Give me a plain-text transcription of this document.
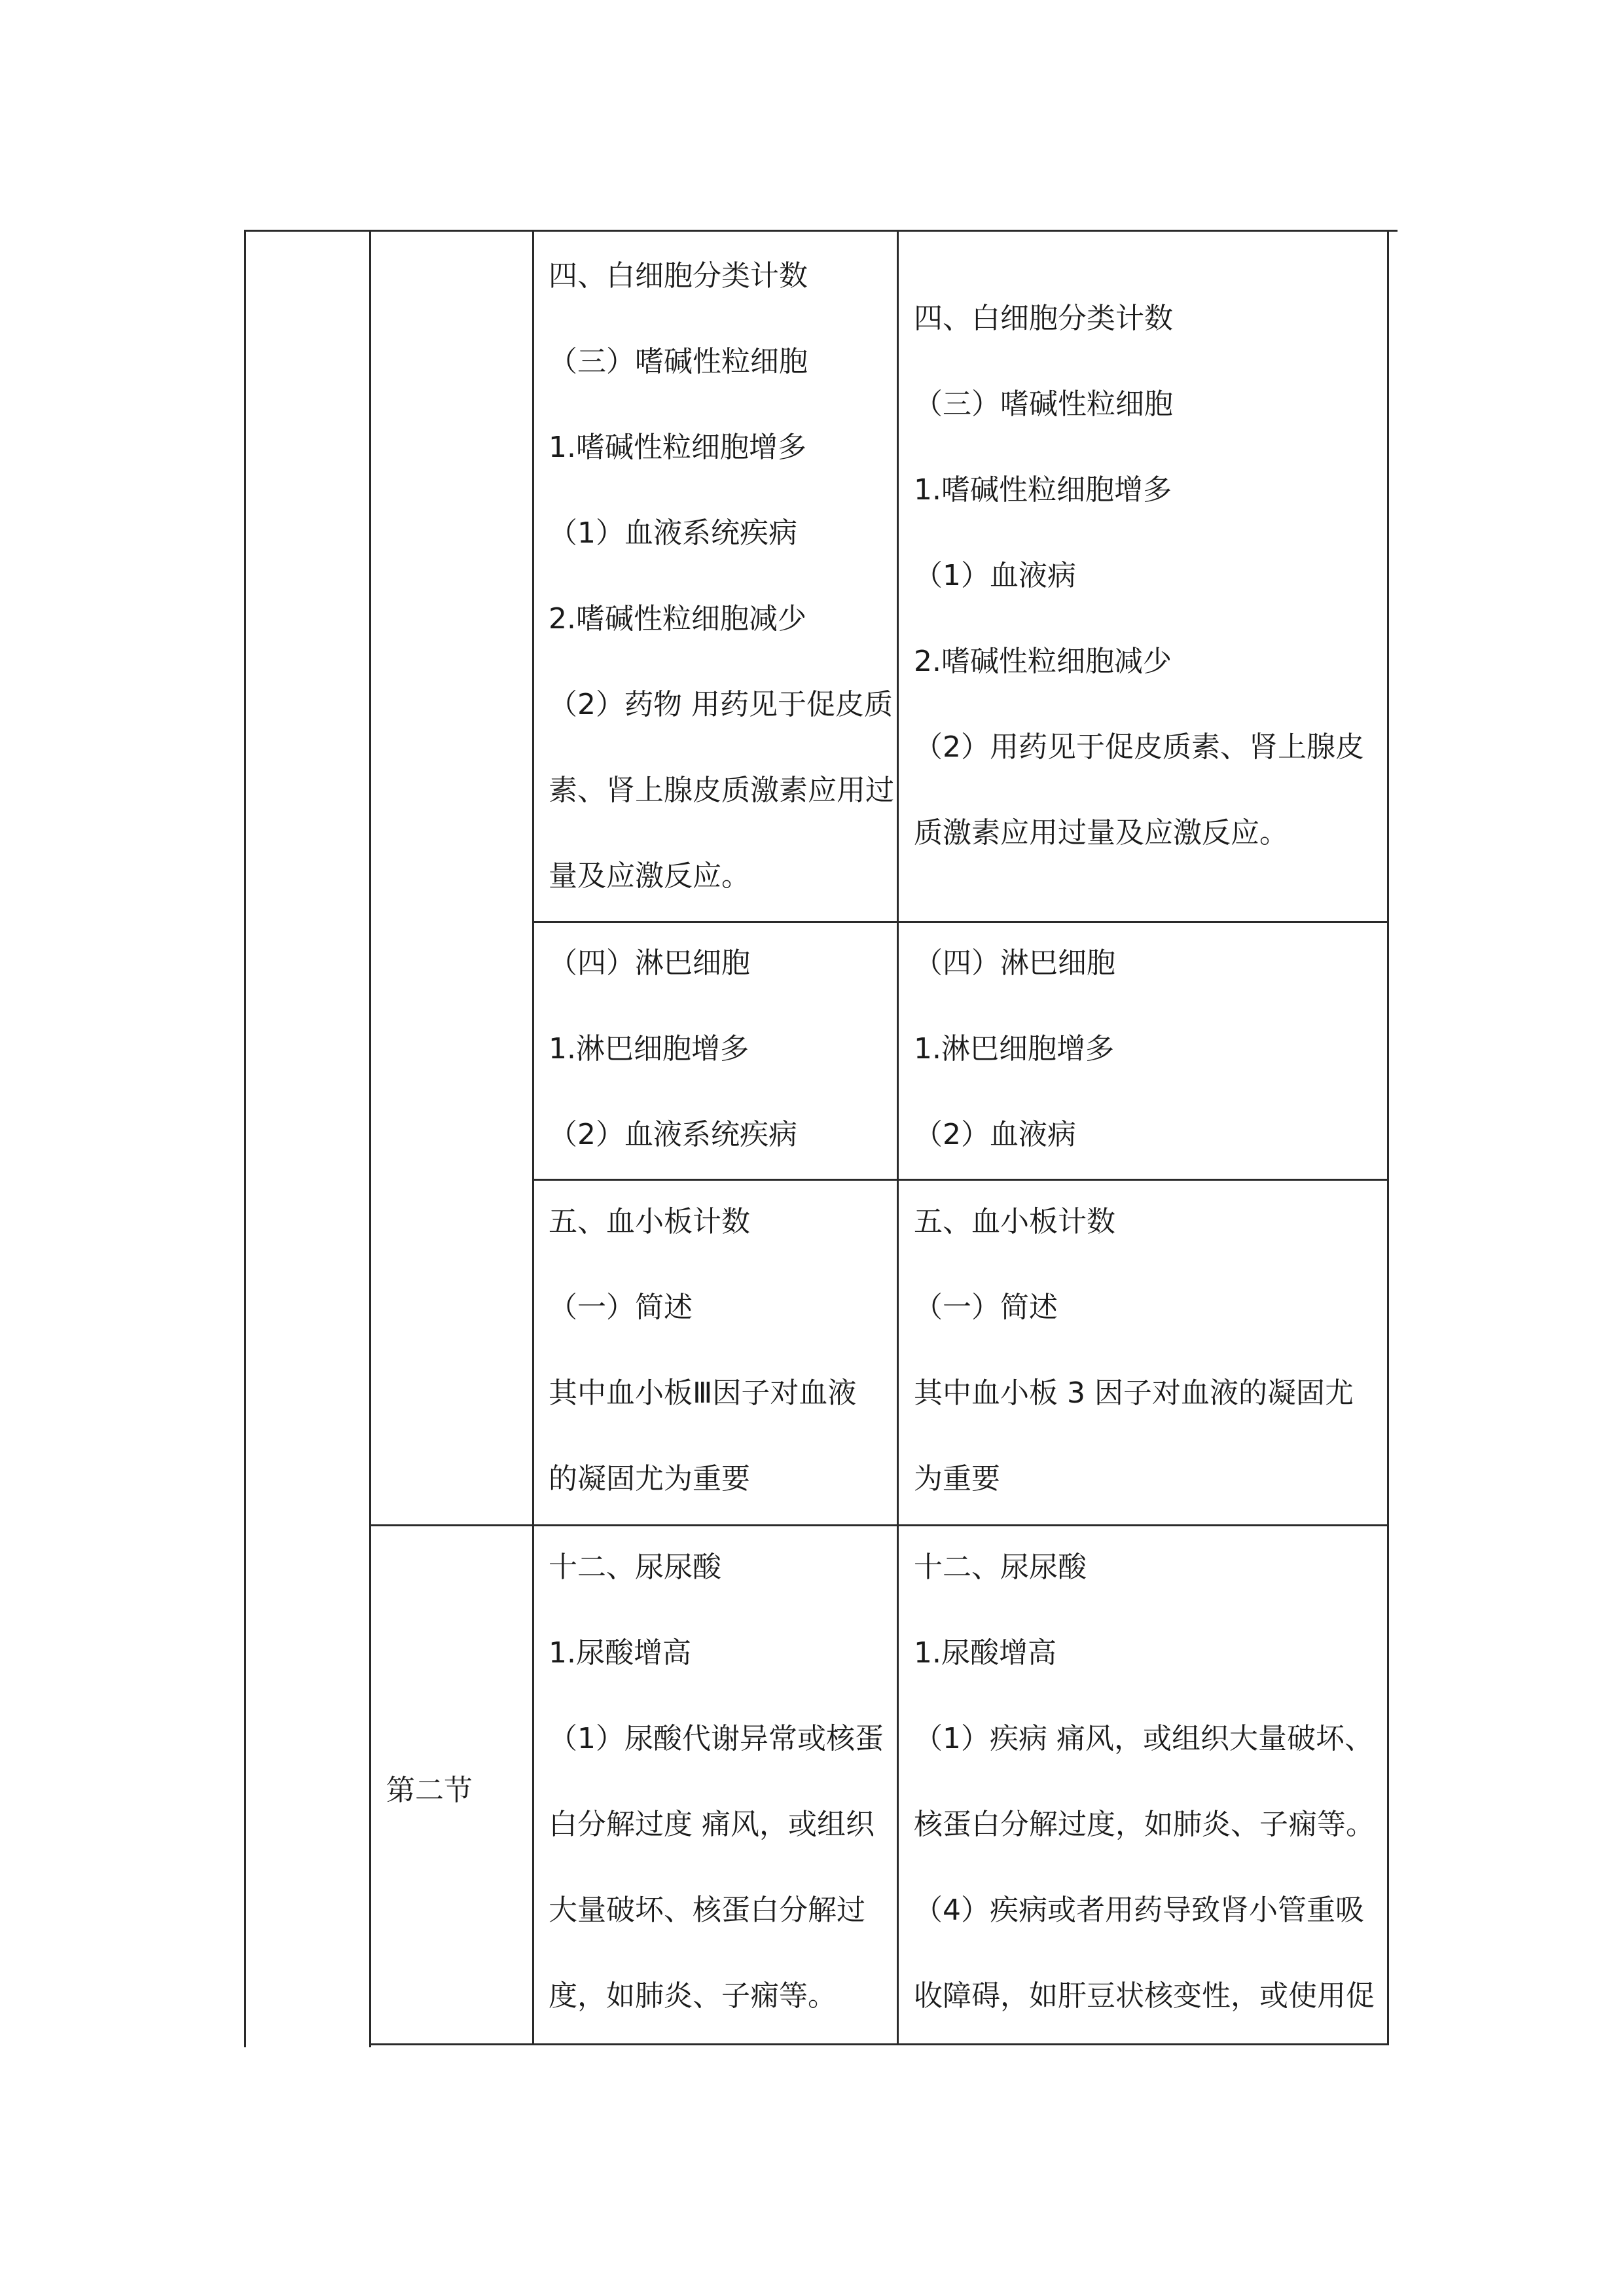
四、白细胞分类计数
（三）嗜碱性粒细胞
1.嗜碱性粒细胞增多
（1）血液系统疾病
2.嗜碱性粒细胞减少
（2）药物 用药见于促皮质
素、肾上腺皮质激素应用过
量及应激反应。
四、白细胞分类计数
（三）嗜碱性粒细胞
1.嗜碱性粒细胞增多
（1）血液病
2.嗜碱性粒细胞减少
（2）用药见于促皮质素、肾上腺皮
质激素应用过量及应激反应。
（四）淋巴细胞
1.淋巴细胞增多
（2）血液系统疾病
（四）淋巴细胞
1.淋巴细胞增多
（2）血液病
五、血小板计数
（一）简述
其中血小板Ⅲ因子对血液
的凝固尤为重要
五、血小板计数
（一）简述
其中血小板 3 因子对血液的凝固尤
为重要
第二节
十二、尿尿酸
1.尿酸增高
（1）尿酸代谢异常或核蛋
白分解过度 痛风，或组织
大量破坏、核蛋白分解过
度，如肺炎、子痫等。
十二、尿尿酸
1.尿酸增高
（1）疾病 痛风，或组织大量破坏、
核蛋白分解过度，如肺炎、子痫等。
（4）疾病或者用药导致肾小管重吸
收障碍，如肝豆状核变性，或使用促
